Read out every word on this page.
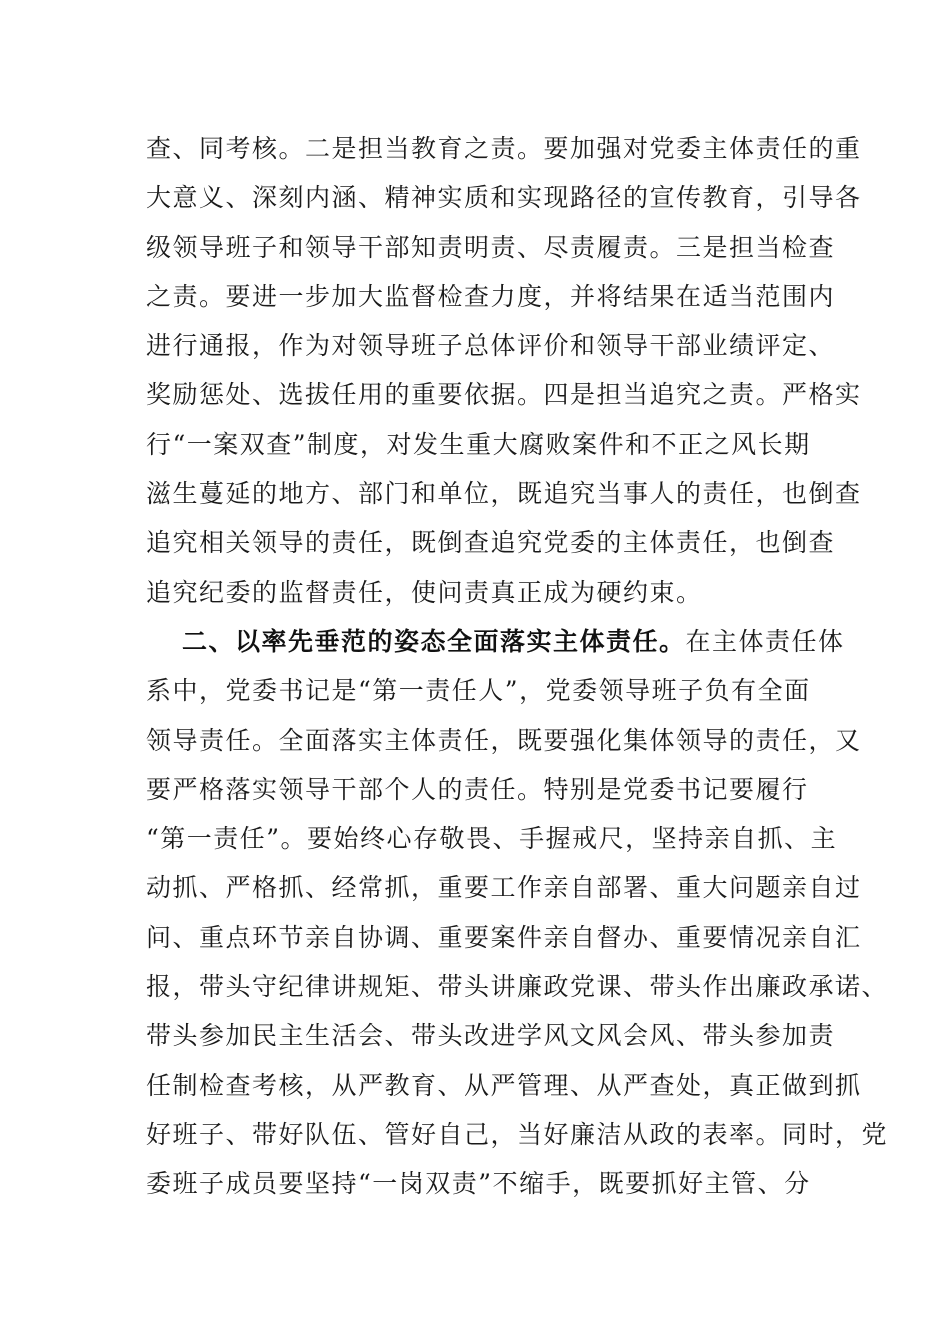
查、同考核。二是担当教育之责。要加强对党委主体责任的重
大意义、深刻内涵、精神实质和实现路径的宣传教育，引导各
级领导班子和领导干部知责明责、尽责履责。三是担当检查
之责。要进一步加大监督检查力度，并将结果在适当范围内
进行通报，作为对领导班子总体评价和领导干部业绩评定、
奖励惩处、选拔任用的重要依据。四是担当追究之责。严格实
行“一案双查”制度，对发生重大腐败案件和不正之风长期
滋生蔓延的地方、部门和单位，既追究当事人的责任，也倒查
追究相关领导的责任，既倒查追究党委的主体责任，也倒查
追究纪委的监督责任，使问责真正成为硬约束。
二、以率先垂范的姿态全面落实主体责任。在主体责任体
系中，党委书记是“第一责任人”，党委领导班子负有全面
领导责任。全面落实主体责任，既要强化集体领导的责任，又
要严格落实领导干部个人的责任。特别是党委书记要履行
“第一责任”。要始终心存敬畏、手握戒尺，坚持亲自抓、主
动抓、严格抓、经常抓，重要工作亲自部署、重大问题亲自过
问、重点环节亲自协调、重要案件亲自督办、重要情况亲自汇
报，带头守纪律讲规矩、带头讲廉政党课、带头作出廉政承诺、
带头参加民主生活会、带头改进学风文风会风、带头参加责
任制检查考核，从严教育、从严管理、从严查处，真正做到抓
好班子、带好队伍、管好自己，当好廉洁从政的表率。同时，党
委班子成员要坚持“一岗双责”不缩手，既要抓好主管、分
